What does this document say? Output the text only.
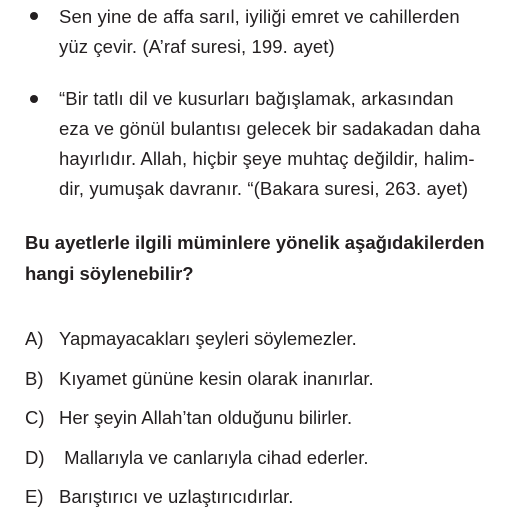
Sen yine de affa sarıl, iyiliği emret ve cahillerden
yüz çevir. (A’raf suresi, 199. ayet)
“Bir tatlı dil ve kusurları bağışlamak, arkasından
eza ve gönül bulantısı gelecek bir sadakadan daha
hayırlıdır. Allah, hiçbir şeye muhtaç değildir, halim-
dir, yumuşak davranır. “(Bakara suresi, 263. ayet)
Bu ayetlerle ilgili müminlere yönelik aşağıdakilerden
hangi söylenebilir?
A) Yapmayacakları şeyleri söylemezler.
B) Kıyamet gününe kesin olarak inanırlar.
C) Her şeyin Allah’tan olduğunu bilirler.
D) Mallarıyla ve canlarıyla cihad ederler.
E) Barıştırıcı ve uzlaştırıcıdırlar.
